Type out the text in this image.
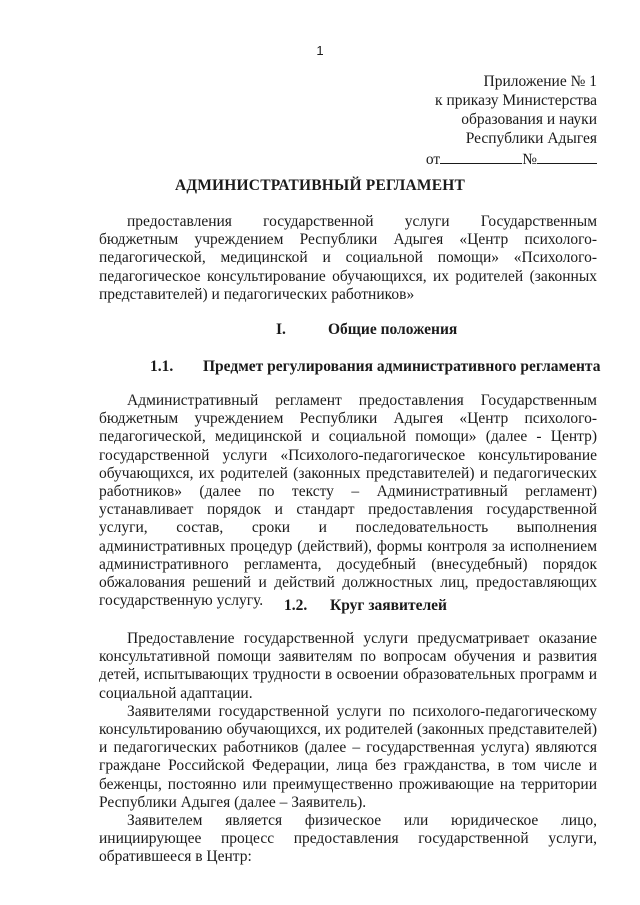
1
Приложение № 1
к приказу Министерства
образования и науки
Республики Адыгея
от	№
АДМИНИСТРАТИВНЫЙ РЕГЛАМЕНТ
предоставления государственной услуги Государственным бюджетным учреждением Республики Адыгея «Центр психолого-педагогической, медицинской и социальной помощи» «Психолого-педагогическое консультирование обучающихся, их родителей (законных представителей) и педагогических работников»
I.	Общие положения
1.1. Предмет регулирования административного регламента

Административный регламент предоставления Государственным бюджетным учреждением Республики Адыгея «Центр психолого-педагогической, медицинской и социальной помощи» (далее - Центр) государственной услуги «Психолого-педагогическое консультирование обучающихся, их родителей (законных представителей) и педагогических работников» (далее по тексту – Административный регламент) устанавливает порядок и стандарт предоставления государственной услуги, состав, сроки и последовательность выполнения административных процедур (действий), формы контроля за исполнением административного регламента, досудебный (внесудебный) порядок обжалования решений и действий должностных лиц, предоставляющих государственную услугу.	1.2. Круг заявителей

Предоставление государственной услуги предусматривает оказание консультативной помощи заявителям по вопросам обучения и развития детей, испытывающих трудности в освоении образовательных программ и социальной адаптации.

Заявителями государственной услуги по психолого-педагогическому консультированию обучающихся, их родителей (законных представителей) и педагогических работников (далее – государственная услуга) являются граждане Российской Федерации, лица без гражданства, в том числе и беженцы, постоянно или преимущественно проживающие на территории Республики Адыгея (далее – Заявитель).

Заявителем является физическое или юридическое лицо, инициирующее процесс предоставления государственной услуги, обратившееся в Центр:
